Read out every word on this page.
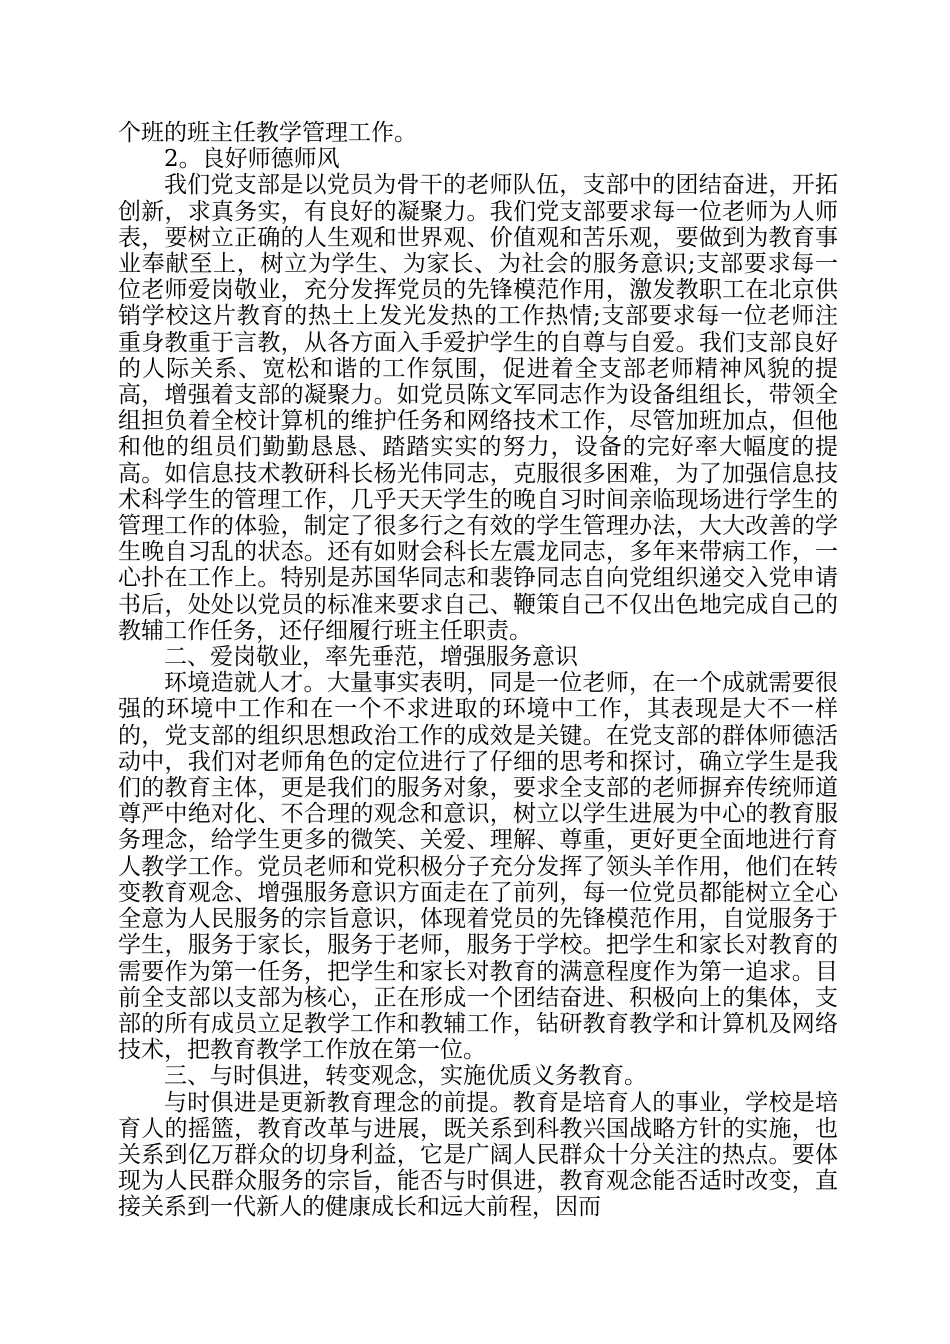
个班的班主任教学管理工作。

2。良好师德师风

我们党支部是以党员为骨干的老师队伍，支部中的团结奋进，开拓创新，求真务实，有良好的凝聚力。我们党支部要求每一位老师为人师表，要树立正确的人生观和世界观、价值观和苦乐观，要做到为教育事业奉献至上，树立为学生、为家长、为社会的服务意识;支部要求每一位老师爱岗敬业，充分发挥党员的先锋模范作用，激发教职工在北京供销学校这片教育的热土上发光发热的工作热情;支部要求每一位老师注重身教重于言教，从各方面入手爱护学生的自尊与自爱。我们支部良好的人际关系、宽松和谐的工作氛围，促进着全支部老师精神风貌的提高，增强着支部的凝聚力。如党员陈文军同志作为设备组组长，带领全组担负着全校计算机的维护任务和网络技术工作，尽管加班加点，但他和他的组员们勤勤恳恳、踏踏实实的努力，设备的完好率大幅度的提高。如信息技术教研科长杨光伟同志，克服很多困难，为了加强信息技术科学生的管理工作，几乎天天学生的晚自习时间亲临现场进行学生的管理工作的体验，制定了很多行之有效的学生管理办法，大大改善的学生晚自习乱的状态。还有如财会科长左震龙同志，多年来带病工作，一心扑在工作上。特别是苏国华同志和裴铮同志自向党组织递交入党申请书后，处处以党员的标准来要求自己、鞭策自己不仅出色地完成自己的教辅工作任务，还仔细履行班主任职责。

二、爱岗敬业，率先垂范，增强服务意识

环境造就人才。大量事实表明，同是一位老师，在一个成就需要很强的环境中工作和在一个不求进取的环境中工作，其表现是大不一样的，党支部的组织思想政治工作的成效是关键。在党支部的群体师德活动中，我们对老师角色的定位进行了仔细的思考和探讨，确立学生是我们的教育主体，更是我们的服务对象，要求全支部的老师摒弃传统师道尊严中绝对化、不合理的观念和意识，树立以学生进展为中心的教育服务理念，给学生更多的微笑、关爱、理解、尊重，更好更全面地进行育人教学工作。党员老师和党积极分子充分发挥了领头羊作用，他们在转变教育观念、增强服务意识方面走在了前列，每一位党员都能树立全心全意为人民服务的宗旨意识，体现着党员的先锋模范作用，自觉服务于学生，服务于家长，服务于老师，服务于学校。把学生和家长对教育的需要作为第一任务，把学生和家长对教育的满意程度作为第一追求。目前全支部以支部为核心，正在形成一个团结奋进、积极向上的集体，支部的所有成员立足教学工作和教辅工作，钻研教育教学和计算机及网络技术，把教育教学工作放在第一位。

三、与时俱进，转变观念，实施优质义务教育。

与时俱进是更新教育理念的前提。教育是培育人的事业，学校是培育人的摇篮，教育改革与进展，既关系到科教兴国战略方针的实施，也关系到亿万群众的切身利益，它是广阔人民群众十分关注的热点。要体现为人民群众服务的宗旨，能否与时俱进，教育观念能否适时改变，直接关系到一代新人的健康成长和远大前程，因而
